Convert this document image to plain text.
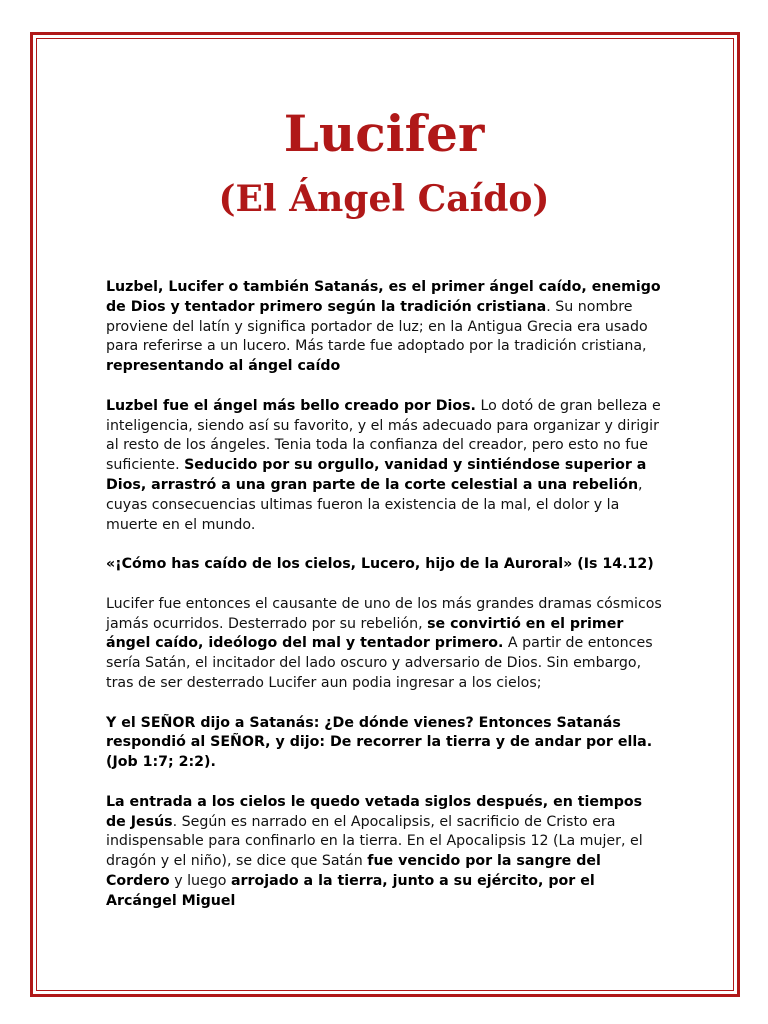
Lucifer
(El Ángel Caído)

Luzbel, Lucifer o también Satanás, es el primer ángel caído, enemigo de Dios y tentador primero según la tradición cristiana. Su nombre proviene del latín y significa portador de luz; en la Antigua Grecia era usado para referirse a un lucero. Más tarde fue adoptado por la tradición cristiana, representando al ángel caído

Luzbel fue el ángel más bello creado por Dios. Lo dotó de gran belleza e inteligencia, siendo así su favorito, y el más adecuado para organizar y dirigir al resto de los ángeles. Tenia toda la confianza del creador, pero esto no fue suficiente. Seducido por su orgullo, vanidad y sintiéndose superior a Dios, arrastró a una gran parte de la corte celestial a una rebelión, cuyas consecuencias ultimas fueron la existencia de la mal, el dolor y la muerte en el mundo.

«¡Cómo has caído de los cielos, Lucero, hijo de la Auroral» (Is 14.12)

Lucifer fue entonces el causante de uno de los más grandes dramas cósmicos jamás ocurridos. Desterrado por su rebelión, se convirtió en el primer ángel caído, ideólogo del mal y tentador primero. A partir de entonces sería Satán, el incitador del lado oscuro y adversario de Dios. Sin embargo, tras de ser desterrado Lucifer aun podia ingresar a los cielos;

Y el SEÑOR dijo a Satanás: ¿De dónde vienes? Entonces Satanás respondió al SEÑOR, y dijo: De recorrer la tierra y de andar por ella. (Job 1:7; 2:2).

La entrada a los cielos le quedo vetada siglos después, en tiempos de Jesús. Según es narrado en el Apocalipsis, el sacrificio de Cristo era indispensable para confinarlo en la tierra. En el Apocalipsis 12 (La mujer, el dragón y el niño), se dice que Satán fue vencido por la sangre del Cordero y luego arrojado a la tierra, junto a su ejército, por el Arcángel Miguel
